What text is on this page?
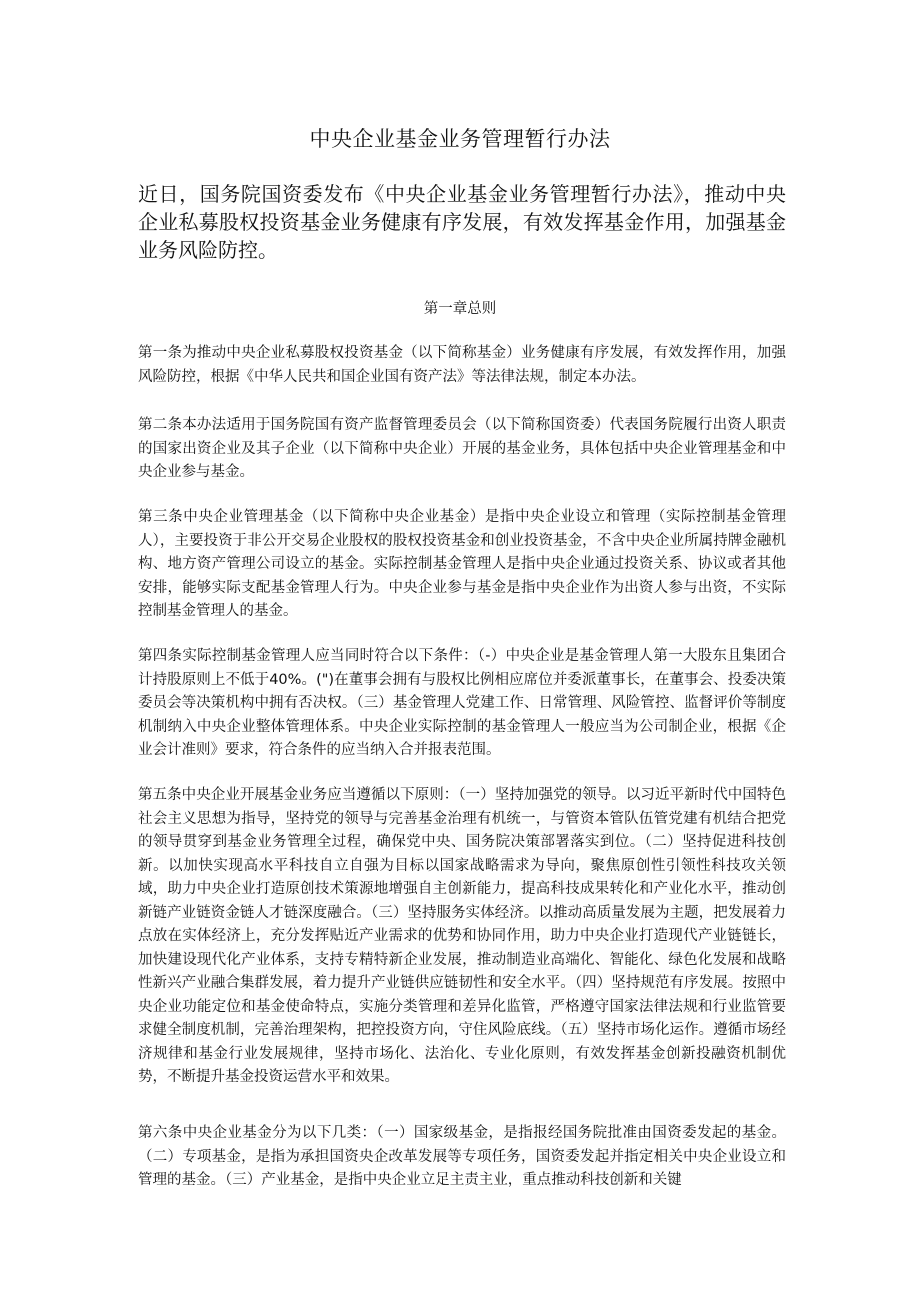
中央企业基金业务管理暂行办法

近日，国务院国资委发布《中央企业基金业务管理暂行办法》，推动中央企业私募股权投资基金业务健康有序发展，有效发挥基金作用，加强基金业务风险防控。

第一章总则

第一条为推动中央企业私募股权投资基金（以下简称基金）业务健康有序发展，有效发挥作用，加强风险防控，根据《中华人民共和国企业国有资产法》等法律法规，制定本办法。

第二条本办法适用于国务院国有资产监督管理委员会（以下简称国资委）代表国务院履行出资人职责的国家出资企业及其子企业（以下简称中央企业）开展的基金业务，具体包括中央企业管理基金和中央企业参与基金。

第三条中央企业管理基金（以下简称中央企业基金）是指中央企业设立和管理（实际控制基金管理人），主要投资于非公开交易企业股权的股权投资基金和创业投资基金，不含中央企业所属持牌金融机构、地方资产管理公司设立的基金。实际控制基金管理人是指中央企业通过投资关系、协议或者其他安排，能够实际支配基金管理人行为。中央企业参与基金是指中央企业作为出资人参与出资，不实际控制基金管理人的基金。

第四条实际控制基金管理人应当同时符合以下条件：（-）中央企业是基金管理人第一大股东且集团合计持股原则上不低于40%。(")在董事会拥有与股权比例相应席位并委派董事长，在董事会、投委决策委员会等决策机构中拥有否决权。（三）基金管理人党建工作、日常管理、风险管控、监督评价等制度机制纳入中央企业整体管理体系。中央企业实际控制的基金管理人一般应当为公司制企业，根据《企业会计准则》要求，符合条件的应当纳入合并报表范围。

第五条中央企业开展基金业务应当遵循以下原则：（一）坚持加强党的领导。以习近平新时代中国特色社会主义思想为指导，坚持党的领导与完善基金治理有机统一，与管资本管队伍管党建有机结合把党的领导贯穿到基金业务管理全过程，确保党中央、国务院决策部署落实到位。（二）坚持促进科技创新。以加快实现高水平科技自立自强为目标以国家战略需求为导向，聚焦原创性引领性科技攻关领域，助力中央企业打造原创技术策源地增强自主创新能力，提高科技成果转化和产业化水平，推动创新链产业链资金链人才链深度融合。（三）坚持服务实体经济。以推动高质量发展为主题，把发展着力点放在实体经济上，充分发挥贴近产业需求的优势和协同作用，助力中央企业打造现代产业链链长，加快建设现代化产业体系，支持专精特新企业发展，推动制造业高端化、智能化、绿色化发展和战略性新兴产业融合集群发展，着力提升产业链供应链韧性和安全水平。（四）坚持规范有序发展。按照中央企业功能定位和基金使命特点，实施分类管理和差异化监管，严格遵守国家法律法规和行业监管要求健全制度机制，完善治理架构，把控投资方向，守住风险底线。（五）坚持市场化运作。遵循市场经济规律和基金行业发展规律，坚持市场化、法治化、专业化原则，有效发挥基金创新投融资机制优势，不断提升基金投资运营水平和效果。

第六条中央企业基金分为以下几类：（一）国家级基金，是指报经国务院批准由国资委发起的基金。（二）专项基金，是指为承担国资央企改革发展等专项任务，国资委发起并指定相关中央企业设立和管理的基金。（三）产业基金，是指中央企业立足主责主业，重点推动科技创新和关键
